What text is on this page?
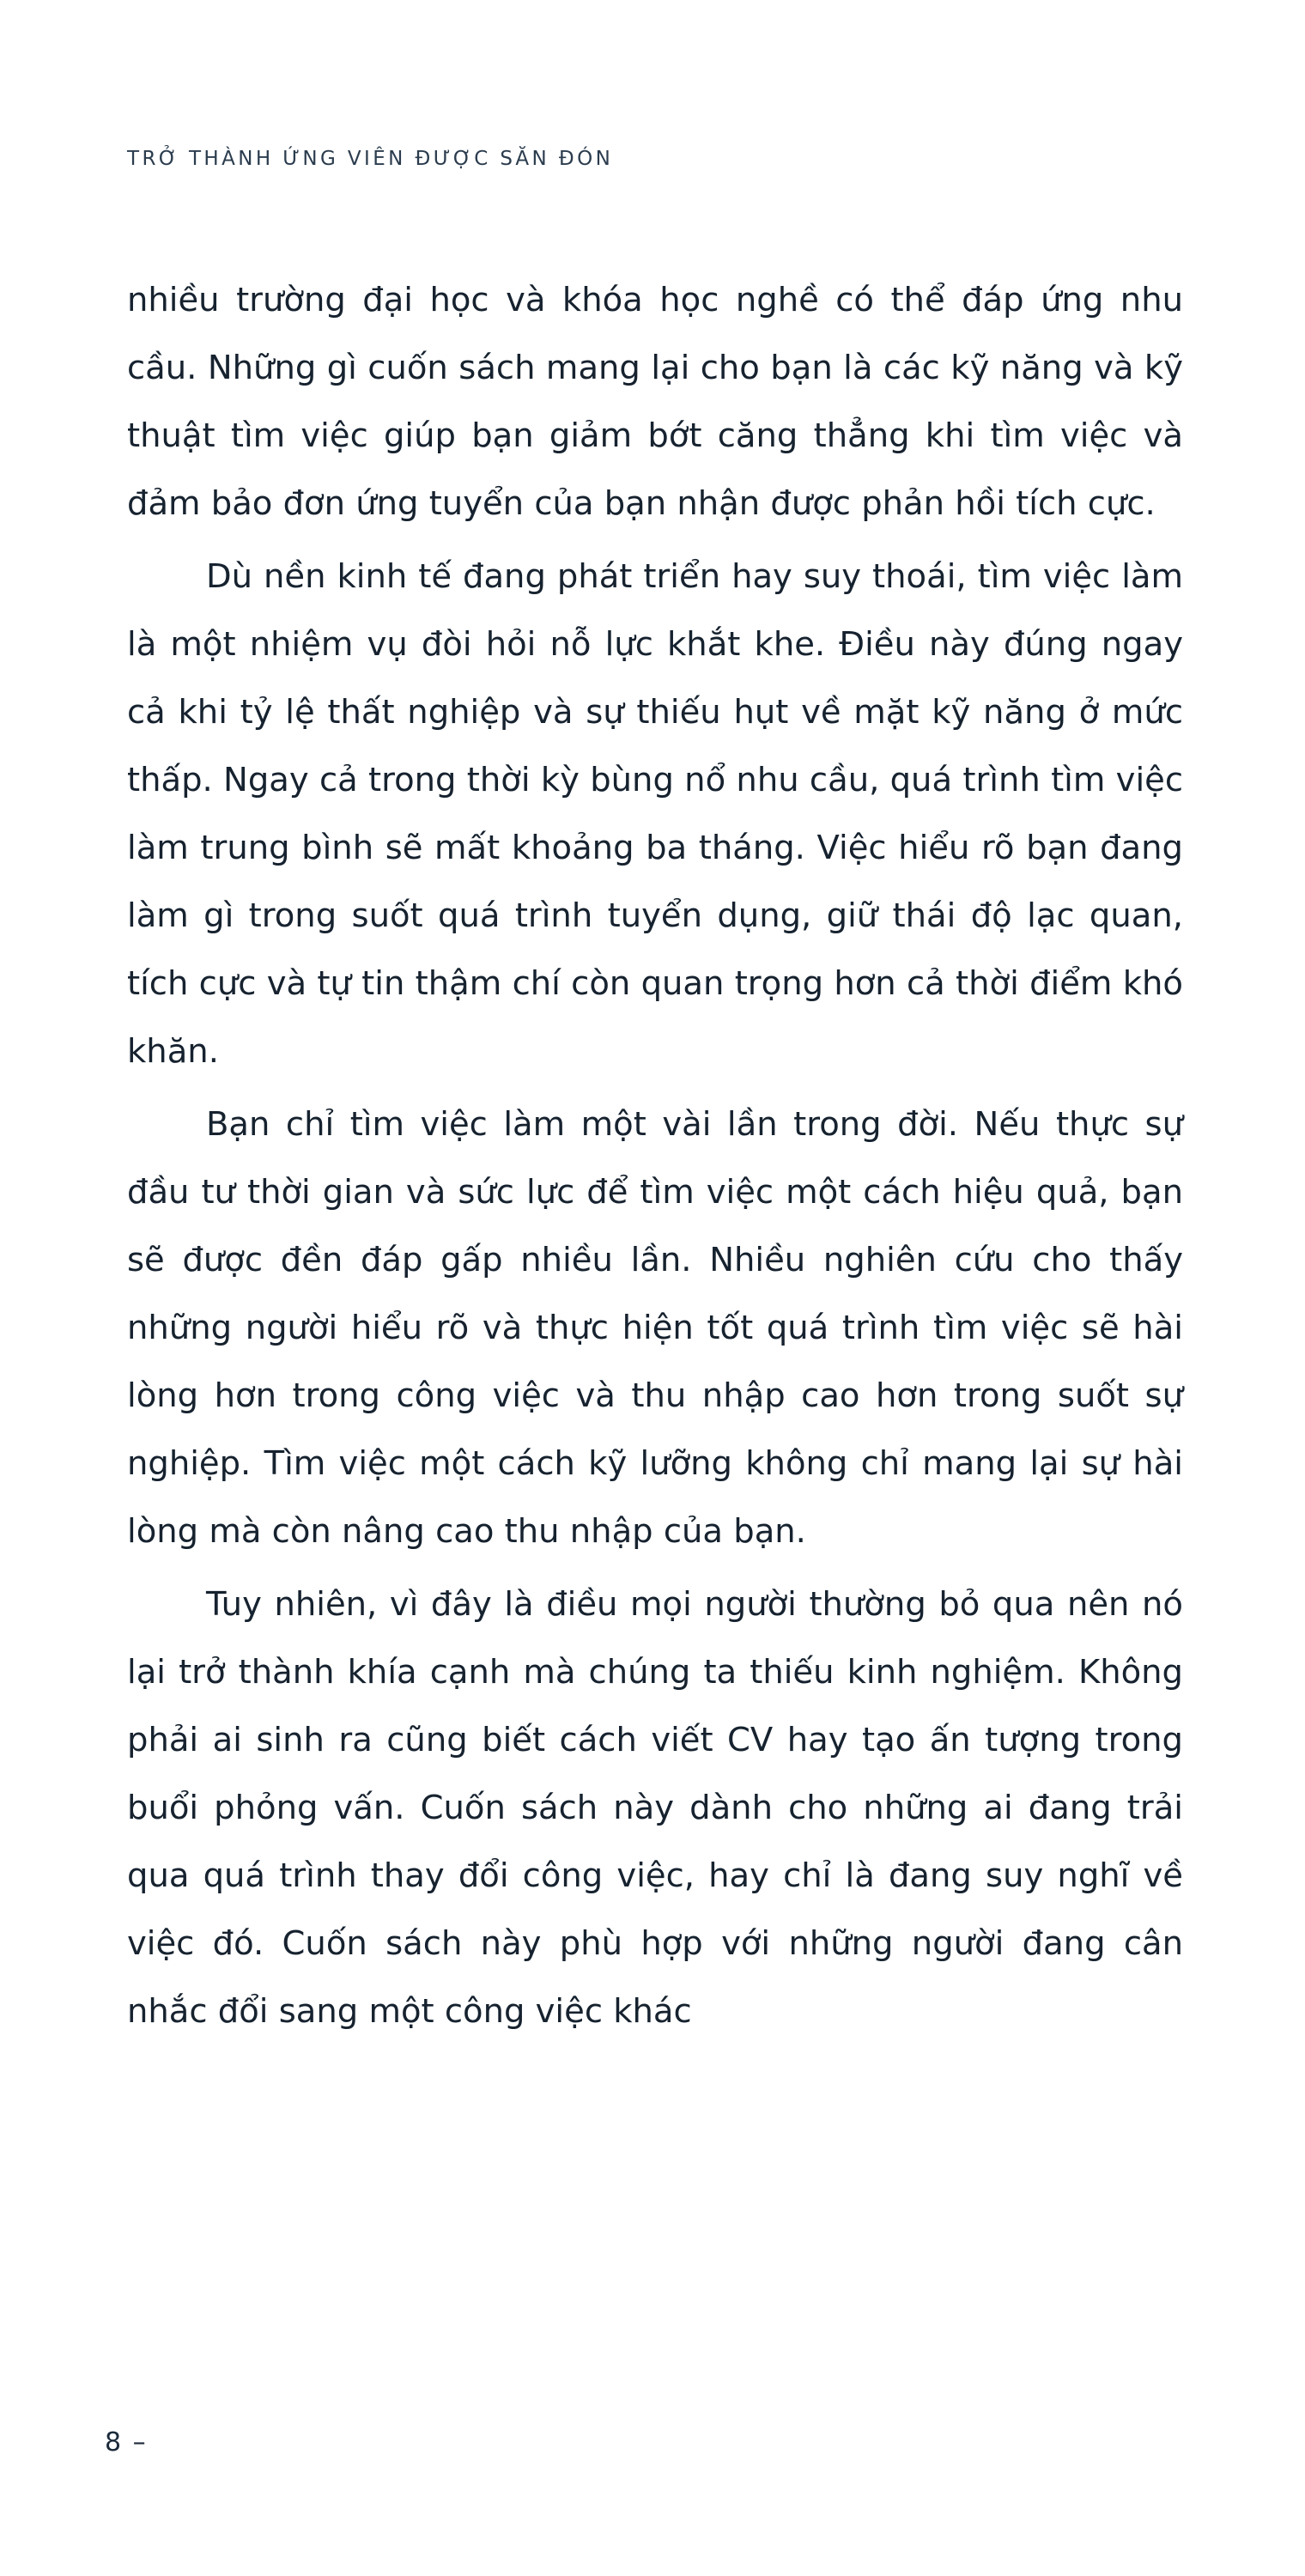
TRỞ THÀNH ỨNG VIÊN ĐƯỢC SĂN ĐÓN

nhiều trường đại học và khóa học nghề có thể đáp ứng nhu cầu. Những gì cuốn sách mang lại cho bạn là các kỹ năng và kỹ thuật tìm việc giúp bạn giảm bớt căng thẳng khi tìm việc và đảm bảo đơn ứng tuyển của bạn nhận được phản hồi tích cực.

Dù nền kinh tế đang phát triển hay suy thoái, tìm việc làm là một nhiệm vụ đòi hỏi nỗ lực khắt khe. Điều này đúng ngay cả khi tỷ lệ thất nghiệp và sự thiếu hụt về mặt kỹ năng ở mức thấp. Ngay cả trong thời kỳ bùng nổ nhu cầu, quá trình tìm việc làm trung bình sẽ mất khoảng ba tháng. Việc hiểu rõ bạn đang làm gì trong suốt quá trình tuyển dụng, giữ thái độ lạc quan, tích cực và tự tin thậm chí còn quan trọng hơn cả thời điểm khó khăn.

Bạn chỉ tìm việc làm một vài lần trong đời. Nếu thực sự đầu tư thời gian và sức lực để tìm việc một cách hiệu quả, bạn sẽ được đền đáp gấp nhiều lần. Nhiều nghiên cứu cho thấy những người hiểu rõ và thực hiện tốt quá trình tìm việc sẽ hài lòng hơn trong công việc và thu nhập cao hơn trong suốt sự nghiệp. Tìm việc một cách kỹ lưỡng không chỉ mang lại sự hài lòng mà còn nâng cao thu nhập của bạn.

Tuy nhiên, vì đây là điều mọi người thường bỏ qua nên nó lại trở thành khía cạnh mà chúng ta thiếu kinh nghiệm. Không phải ai sinh ra cũng biết cách viết CV hay tạo ấn tượng trong buổi phỏng vấn. Cuốn sách này dành cho những ai đang trải qua quá trình thay đổi công việc, hay chỉ là đang suy nghĩ về việc đó. Cuốn sách này phù hợp với những người đang cân nhắc đổi sang một công việc khác

8 –
